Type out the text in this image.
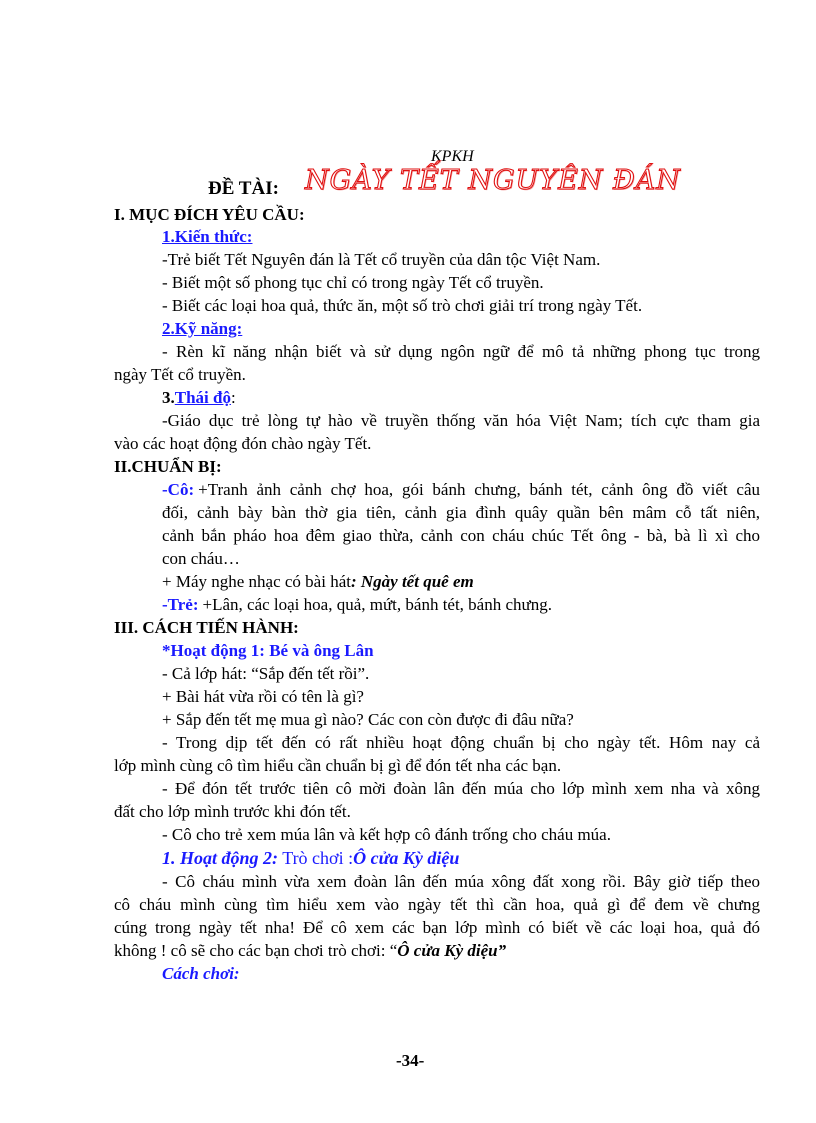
KPKH
ĐỀ TÀI: NGÀY TẾT NGUYÊN ĐÁN
I. MỤC ĐÍCH YÊU CẦU:
1.Kiến thức:
-Trẻ biết Tết Nguyên đán là Tết cổ truyền của dân tộc Việt Nam.
- Biết một số phong tục chỉ có trong ngày Tết cổ truyền.
- Biết các loại hoa quả, thức ăn, một số trò chơi giải trí trong ngày Tết.
2.Kỹ năng:
- Rèn kĩ năng nhận biết và sử dụng ngôn ngữ để mô tả những phong tục trong
ngày Tết cổ truyền.
3.Thái độ:
-Giáo dục trẻ lòng tự hào về truyền thống văn hóa Việt Nam; tích cực tham gia
vào các hoạt động đón chào ngày Tết.
II.CHUẨN BỊ:
-Cô: +Tranh ảnh cảnh chợ hoa, gói bánh chưng, bánh tét, cảnh ông đồ viết câu
đối, cảnh bày bàn thờ gia tiên, cảnh gia đình quây quần bên mâm cỗ tất niên,
cảnh bắn pháo hoa đêm giao thừa, cảnh con cháu chúc Tết ông - bà, bà lì xì cho
con cháu…
+ Máy nghe nhạc có bài hát: Ngày tết quê em
-Trẻ: +Lân, các loại hoa, quả, mứt, bánh tét, bánh chưng.
III. CÁCH TIẾN HÀNH:
*Hoạt động 1: Bé và ông Lân
- Cả lớp hát: “Sắp đến tết rồi”.
+ Bài hát vừa rồi có tên là gì?
+ Sắp đến tết mẹ mua gì nào? Các con còn được đi đâu nữa?
- Trong dịp tết đến có rất nhiều hoạt động chuẩn bị cho ngày tết. Hôm nay cả
lớp mình cùng cô tìm hiểu cần chuẩn bị gì để đón tết nha các bạn.
- Để đón tết trước tiên cô mời đoàn lân đến múa cho lớp mình xem nha và xông
đất cho lớp mình trước khi đón tết.
- Cô cho trẻ xem múa lân và kết hợp cô đánh trống cho cháu múa.
1. Hoạt động 2: Trò chơi :Ô cửa Kỳ diệu
- Cô cháu mình vừa xem đoàn lân đến múa xông đất xong rồi. Bây giờ tiếp theo
cô cháu mình cùng tìm hiểu xem vào ngày tết thì cần hoa, quả gì để đem về chưng
cúng trong ngày tết nha! Để cô xem các bạn lớp mình có biết về các loại hoa, quả đó
không ! cô sẽ cho các bạn chơi trò chơi: “Ô cửa Kỳ diệu”
Cách chơi:
-34-
